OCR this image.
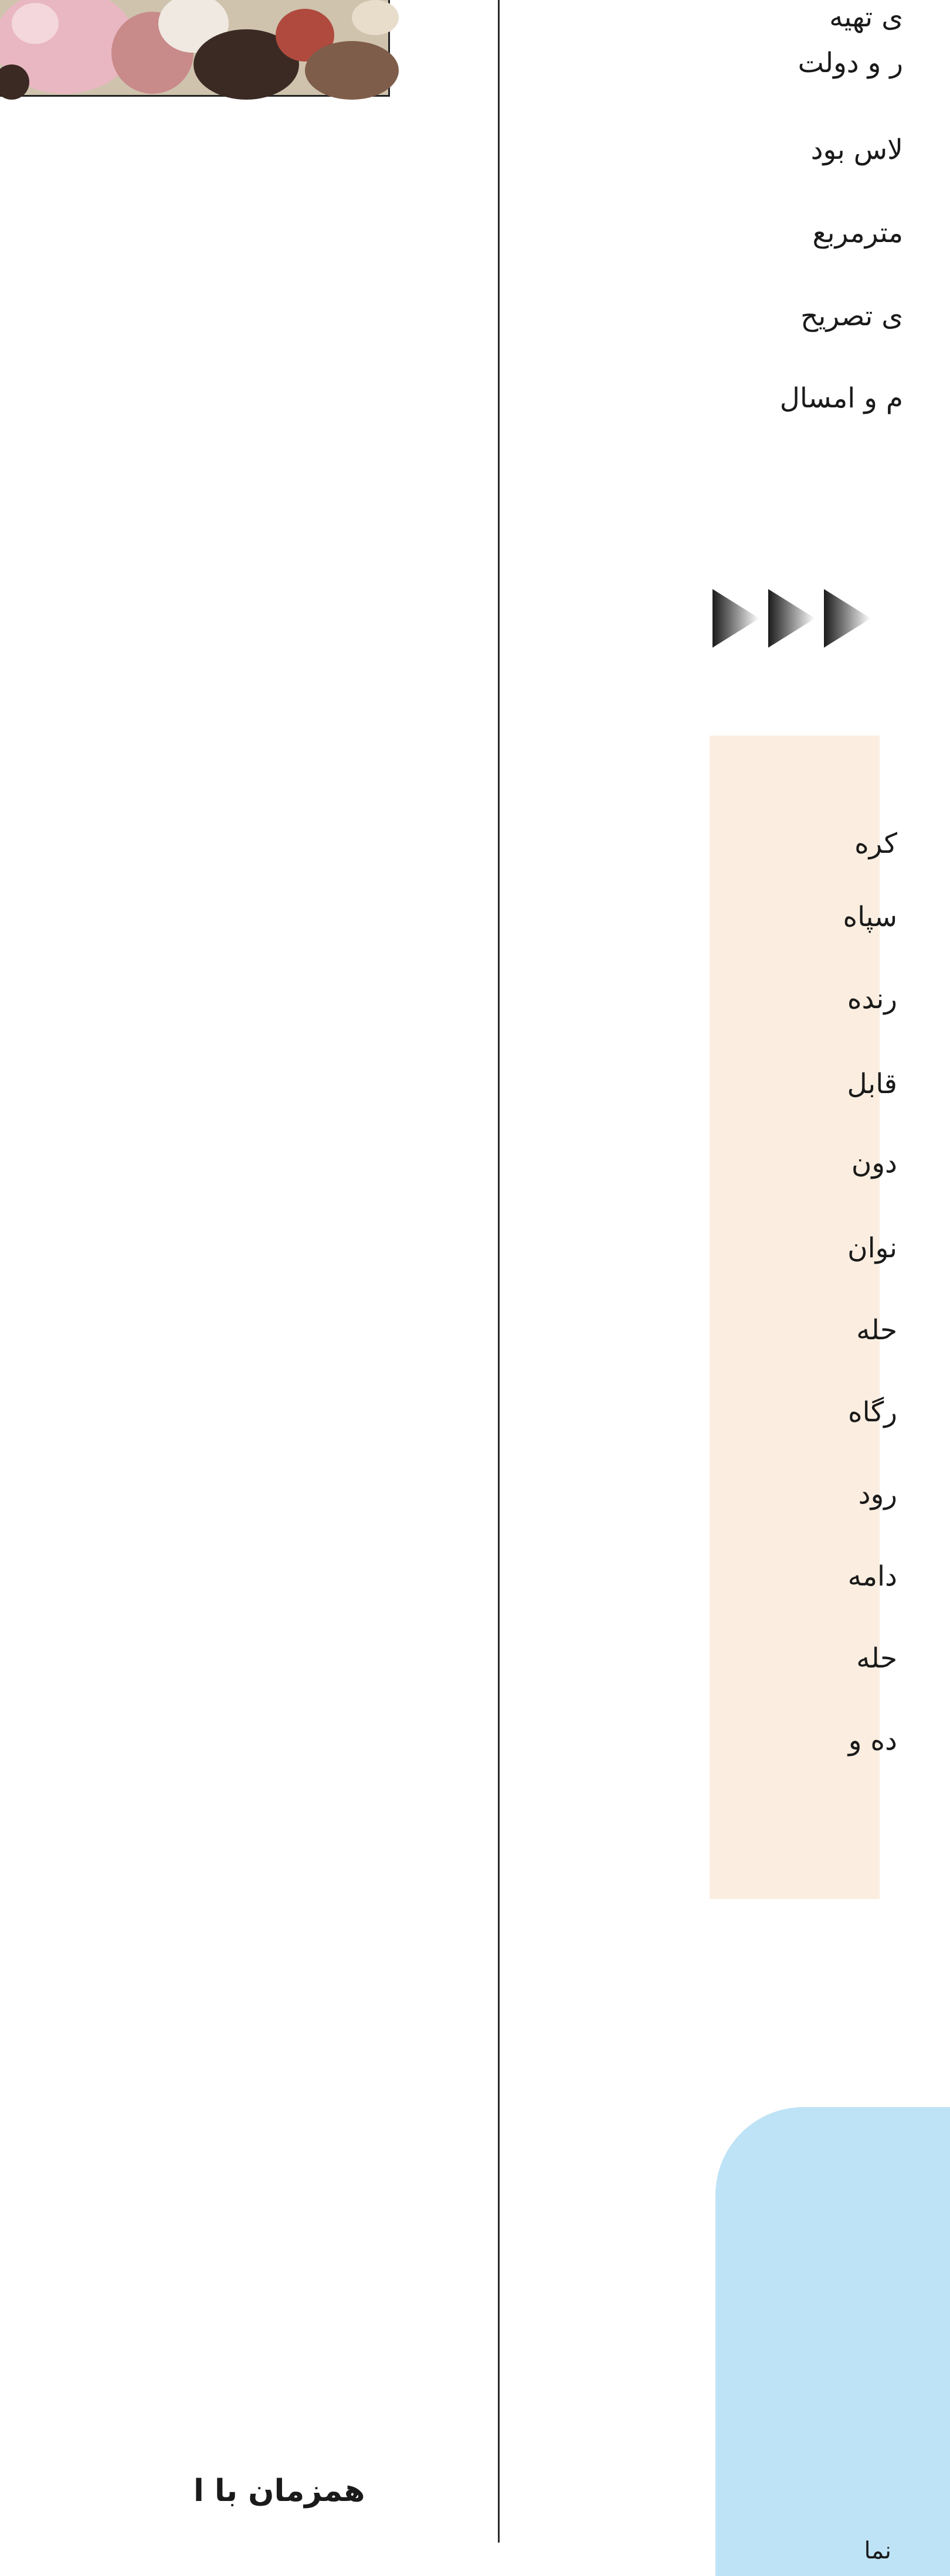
همزمان با ا
ی تهیه
ر و دولت
لاس بود
مترمربع
ی تصریح
م و امسال
کره
سپاه
رنده
قابل
دون
نوان
حله
رگاه
رود
دامه
حله
ده و
نما
